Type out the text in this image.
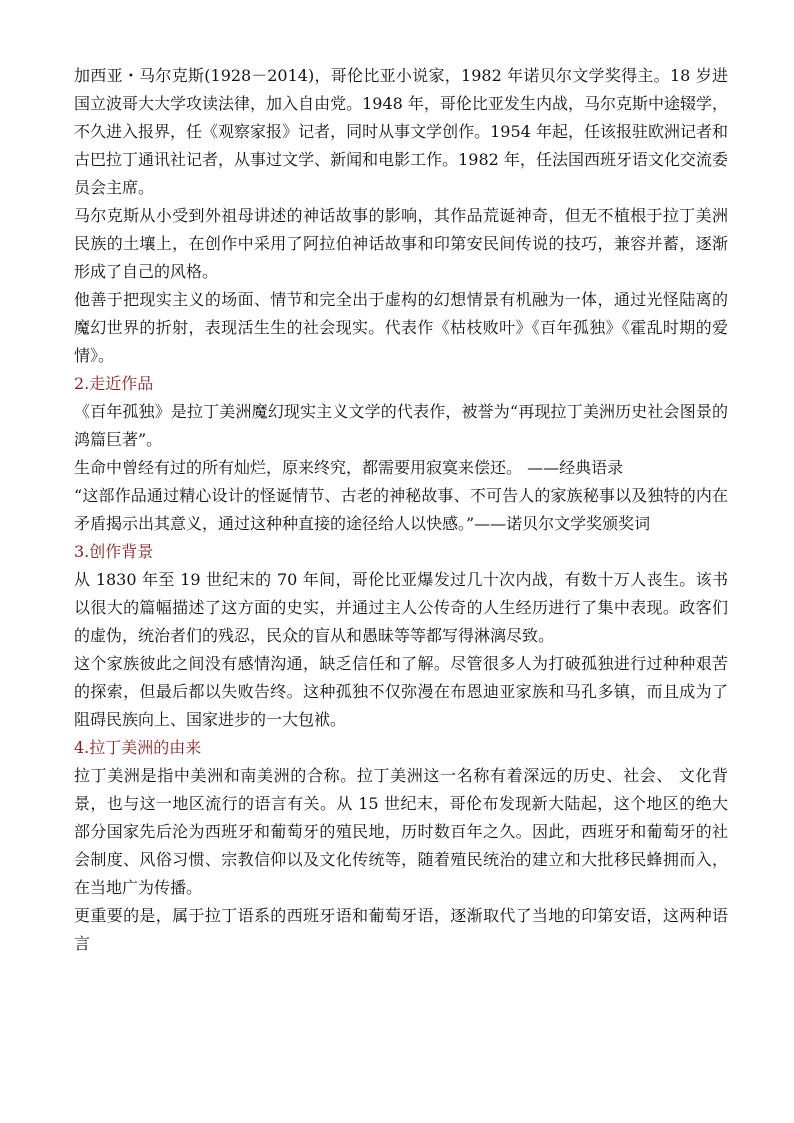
加西亚・马尔克斯(1928－2014)，哥伦比亚小说家，1982 年诺贝尔文学奖得主。18 岁进国立波哥大大学攻读法律，加入自由党。1948 年，哥伦比亚发生内战，马尔克斯中途辍学，不久进入报界，任《观察家报》记者，同时从事文学创作。1954 年起，任该报驻欧洲记者和古巴拉丁通讯社记者，从事过文学、新闻和电影工作。1982 年，任法国西班牙语文化交流委员会主席。

马尔克斯从小受到外祖母讲述的神话故事的影响，其作品荒诞神奇，但无不植根于拉丁美洲民族的土壤上，在创作中采用了阿拉伯神话故事和印第安民间传说的技巧，兼容并蓄，逐渐形成了自己的风格。

他善于把现实主义的场面、情节和完全出于虚构的幻想情景有机融为一体，通过光怪陆离的魔幻世界的折射，表现活生生的社会现实。代表作《枯枝败叶》《百年孤独》《霍乱时期的爱情》。

2.走近作品

《百年孤独》是拉丁美洲魔幻现实主义文学的代表作，被誉为“再现拉丁美洲历史社会图景的鸿篇巨著”。

生命中曾经有过的所有灿烂，原来终究，都需要用寂寞来偿还。 ——经典语录

“这部作品通过精心设计的怪诞情节、古老的神秘故事、不可告人的家族秘事以及独特的内在矛盾揭示出其意义，通过这种种直接的途径给人以快感。”——诺贝尔文学奖颁奖词

3.创作背景

从 1830 年至 19 世纪末的 70 年间，哥伦比亚爆发过几十次内战，有数十万人丧生。该书以很大的篇幅描述了这方面的史实，并通过主人公传奇的人生经历进行了集中表现。政客们的虚伪，统治者们的残忍，民众的盲从和愚昧等等都写得淋漓尽致。

这个家族彼此之间没有感情沟通，缺乏信任和了解。尽管很多人为打破孤独进行过种种艰苦的探索，但最后都以失败告终。这种孤独不仅弥漫在布恩迪亚家族和马孔多镇，而且成为了阻碍民族向上、国家进步的一大包袱。

4.拉丁美洲的由来

拉丁美洲是指中美洲和南美洲的合称。拉丁美洲这一名称有着深远的历史、社会、 文化背景，也与这一地区流行的语言有关。从 15 世纪末，哥伦布发现新大陆起，这个地区的绝大部分国家先后沦为西班牙和葡萄牙的殖民地，历时数百年之久。因此，西班牙和葡萄牙的社会制度、风俗习惯、宗教信仰以及文化传统等，随着殖民统治的建立和大批移民蜂拥而入，在当地广为传播。

更重要的是，属于拉丁语系的西班牙语和葡萄牙语，逐渐取代了当地的印第安语，这两种语言
